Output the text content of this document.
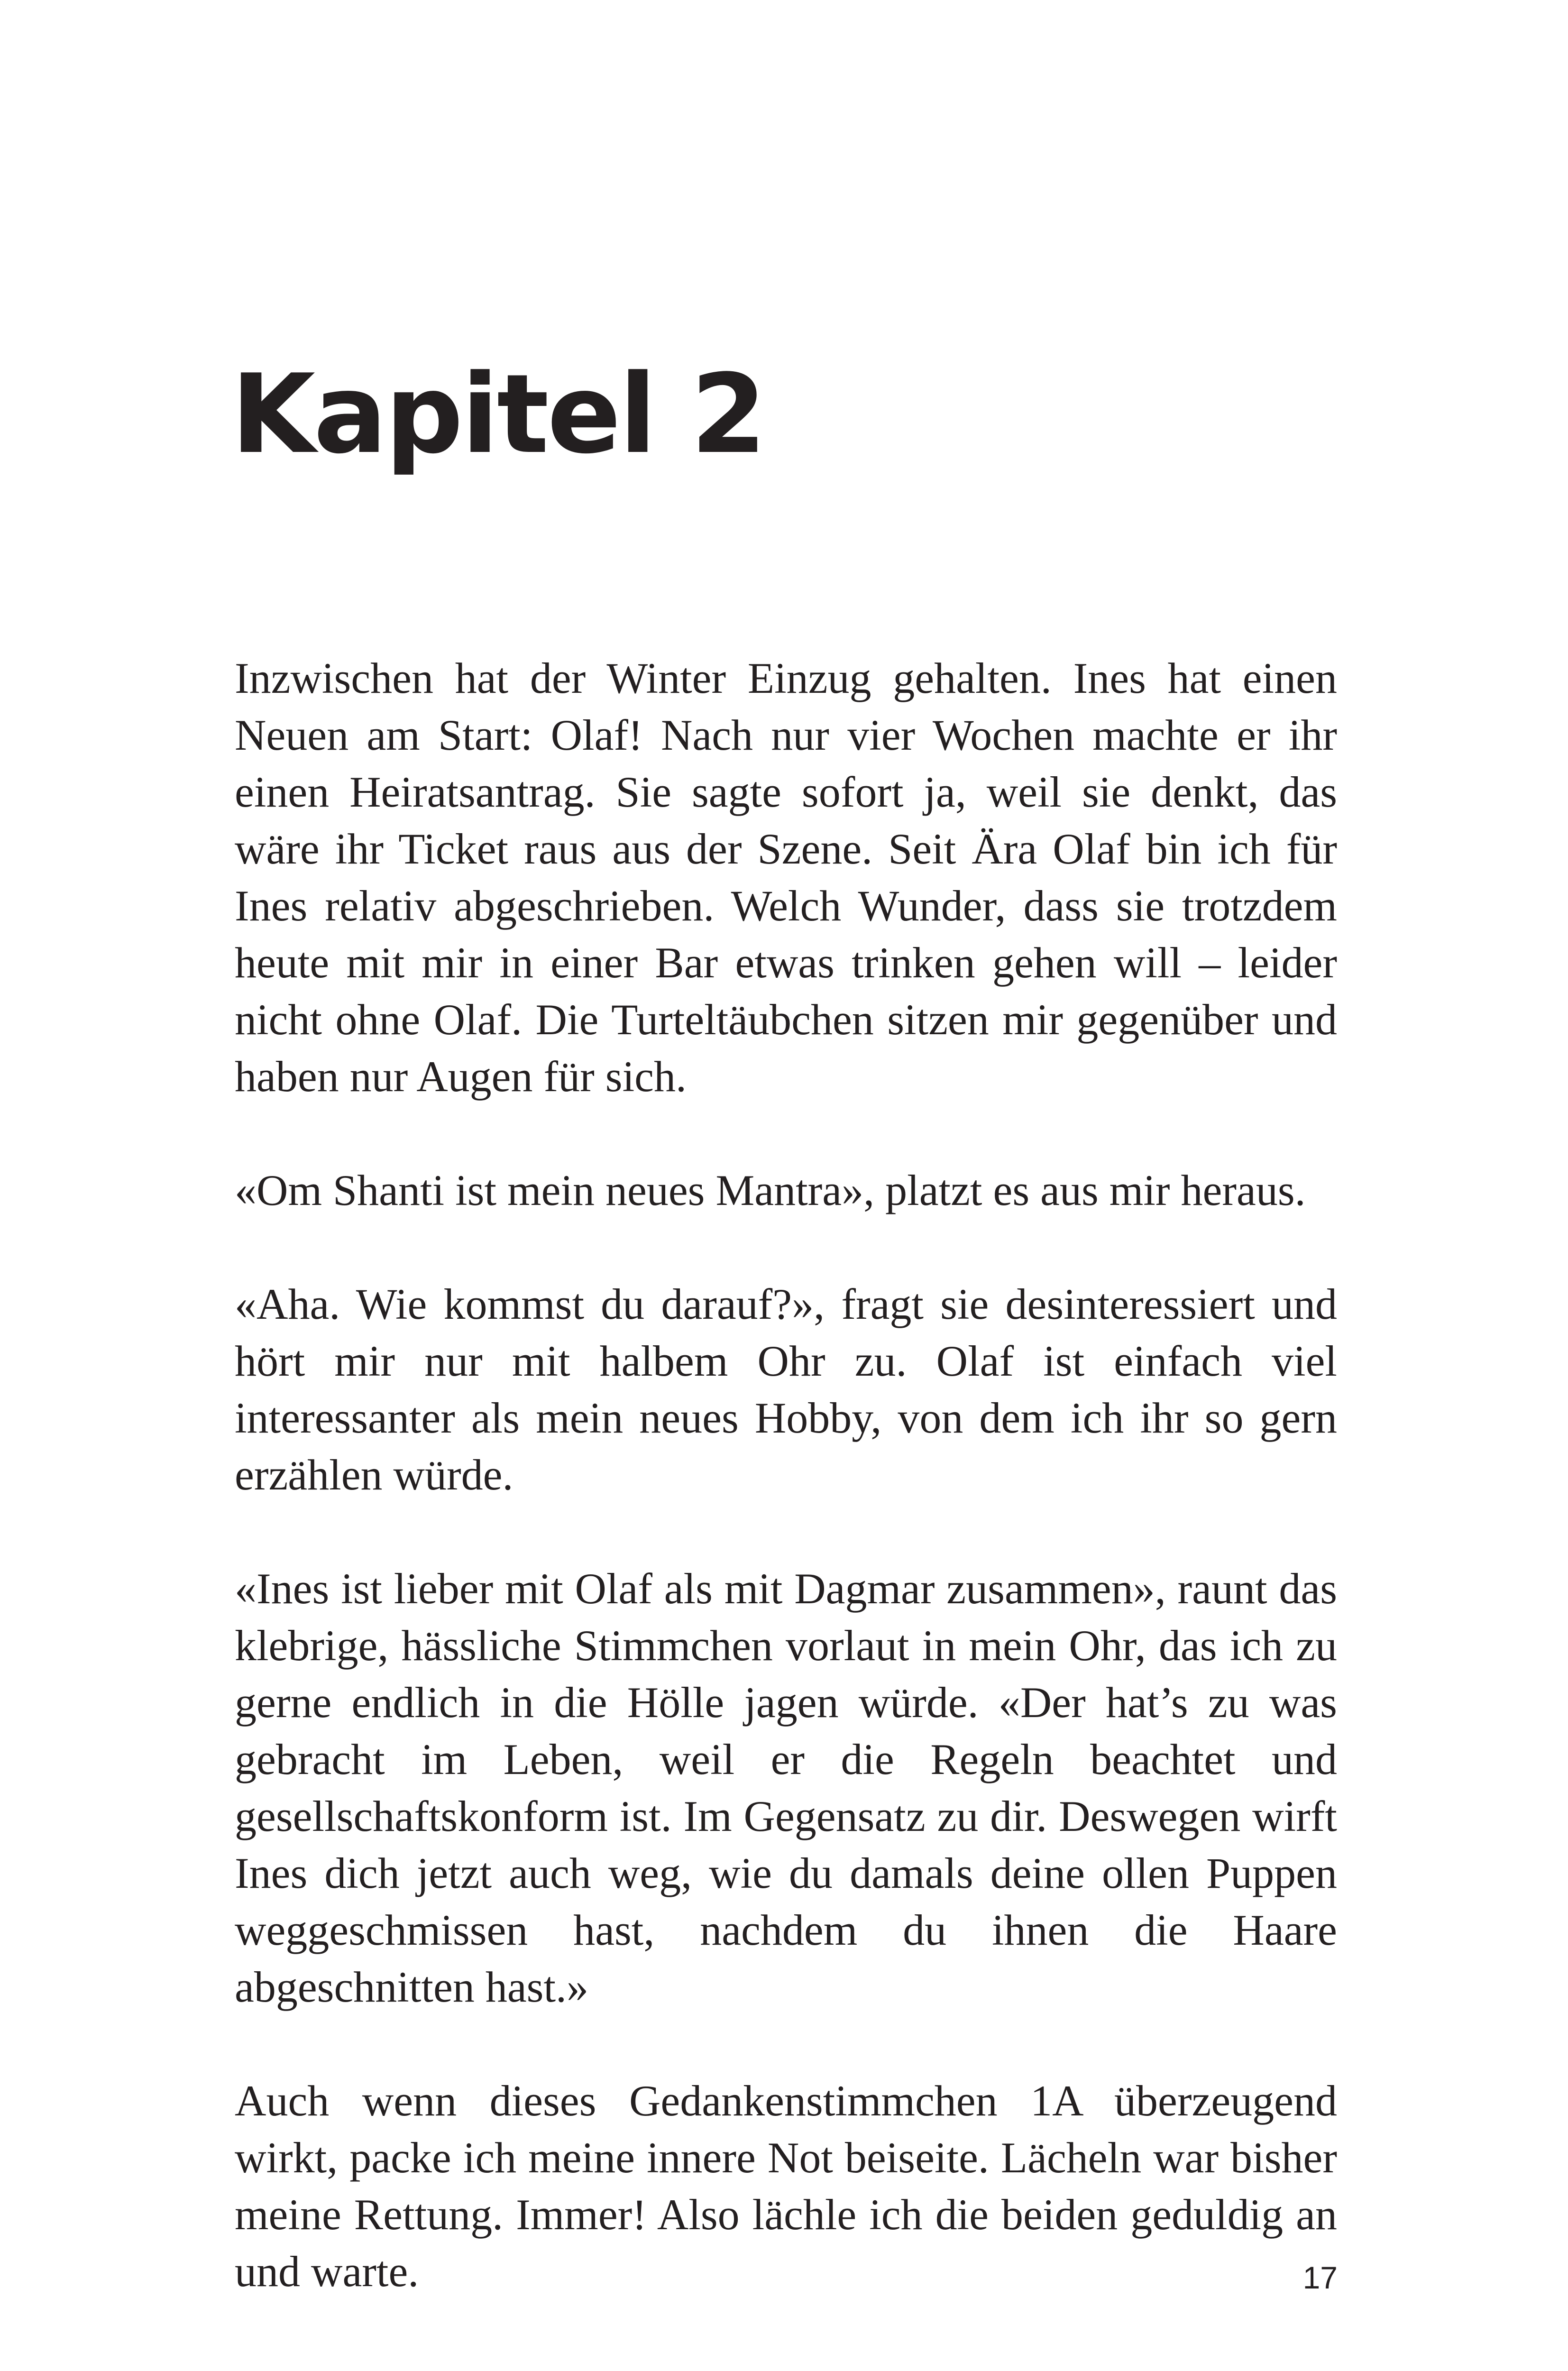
Kapitel 2

Inzwischen hat der Winter Einzug gehalten. Ines hat einen Neuen am Start: Olaf! Nach nur vier Wochen machte er ihr einen Heiratsantrag. Sie sagte sofort ja, weil sie denkt, das wäre ihr Ticket raus aus der Szene. Seit Ära Olaf bin ich für Ines relativ abgeschrieben. Welch Wunder, dass sie trotzdem heute mit mir in einer Bar etwas trinken gehen will – leider nicht ohne Olaf. Die Turteltäubchen sitzen mir gegenüber und haben nur Augen für sich.

«Om Shanti ist mein neues Mantra», platzt es aus mir heraus.

«Aha. Wie kommst du darauf?», fragt sie desinteressiert und hört mir nur mit halbem Ohr zu. Olaf ist einfach viel interessanter als mein neues Hobby, von dem ich ihr so gern erzählen würde.

«Ines ist lieber mit Olaf als mit Dagmar zusammen», raunt das klebrige, hässliche Stimmchen vorlaut in mein Ohr, das ich zu gerne endlich in die Hölle jagen würde. «Der hat’s zu was gebracht im Leben, weil er die Regeln beachtet und gesellschaftskonform ist. Im Gegensatz zu dir. Deswegen wirft Ines dich jetzt auch weg, wie du damals deine ollen Puppen weggeschmissen hast, nachdem du ihnen die Haare abgeschnitten hast.»

Auch wenn dieses Gedankenstimmchen 1A überzeugend wirkt, packe ich meine innere Not beiseite. Lächeln war bisher meine Rettung. Immer! Also lächle ich die beiden geduldig an und warte.	17
